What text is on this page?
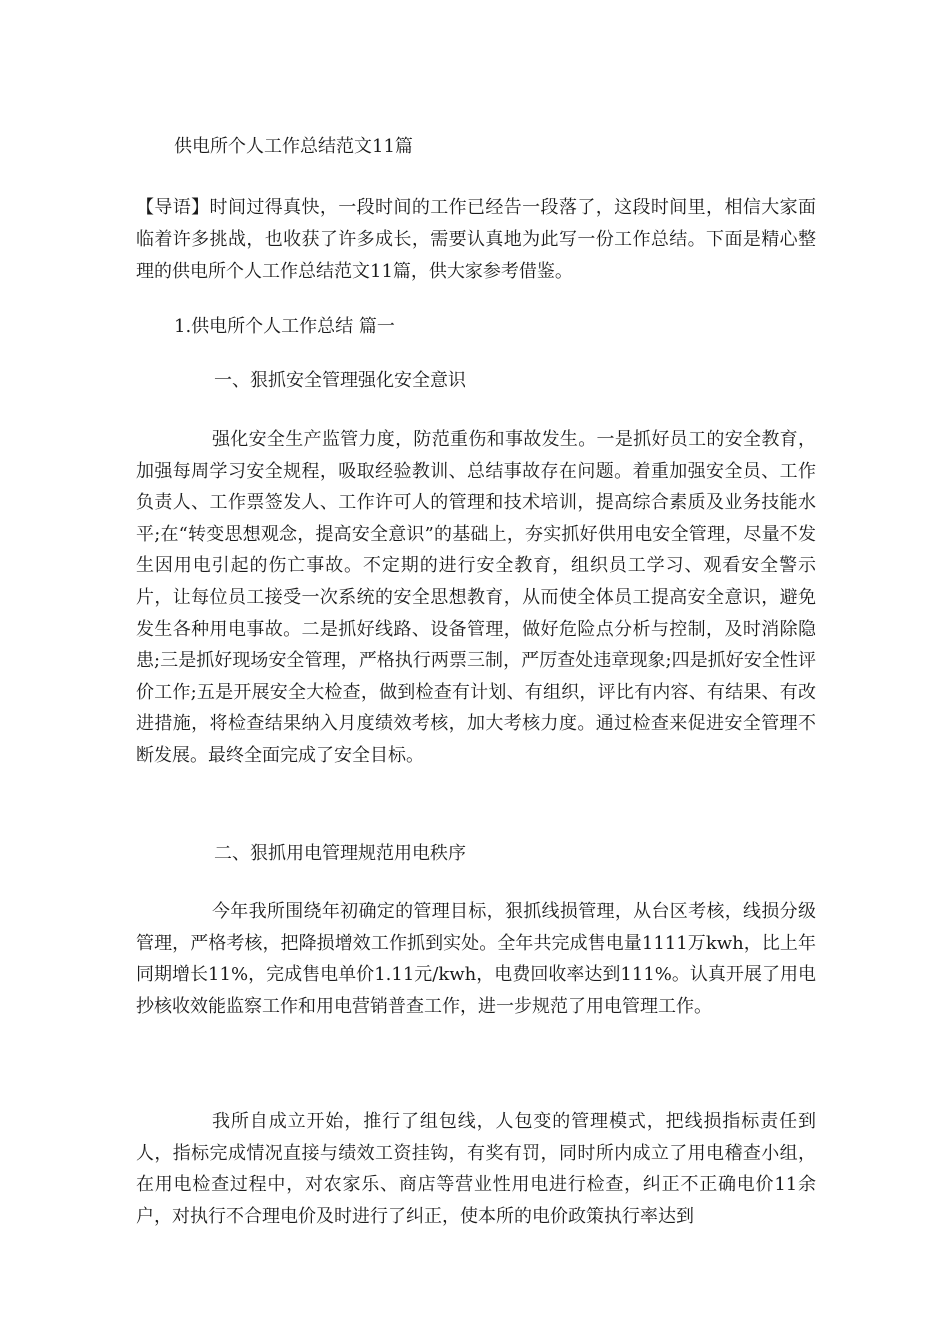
供电所个人工作总结范文11篇
【导语】时间过得真快，一段时间的工作已经告一段落了，这段时间里，相信大家面临着许多挑战，也收获了许多成长，需要认真地为此写一份工作总结。下面是精心整理的供电所个人工作总结范文11篇，供大家参考借鉴。
1.供电所个人工作总结 篇一
一、狠抓安全管理强化安全意识
强化安全生产监管力度，防范重伤和事故发生。一是抓好员工的安全教育，加强每周学习安全规程，吸取经验教训、总结事故存在问题。着重加强安全员、工作负责人、工作票签发人、工作许可人的管理和技术培训，提高综合素质及业务技能水平;在“转变思想观念，提高安全意识”的基础上，夯实抓好供用电安全管理，尽量不发生因用电引起的伤亡事故。不定期的进行安全教育，组织员工学习、观看安全警示片，让每位员工接受一次系统的安全思想教育，从而使全体员工提高安全意识，避免发生各种用电事故。二是抓好线路、设备管理，做好危险点分析与控制，及时消除隐患;三是抓好现场安全管理，严格执行两票三制，严厉查处违章现象;四是抓好安全性评价工作;五是开展安全大检查，做到检查有计划、有组织，评比有内容、有结果、有改进措施，将检查结果纳入月度绩效考核，加大考核力度。通过检查来促进安全管理不断发展。最终全面完成了安全目标。
二、狠抓用电管理规范用电秩序
今年我所围绕年初确定的管理目标，狠抓线损管理，从台区考核，线损分级管理，严格考核，把降损增效工作抓到实处。全年共完成售电量1111万kwh，比上年同期增长11%，完成售电单价1.11元/kwh，电费回收率达到111%。认真开展了用电抄核收效能监察工作和用电营销普查工作，进一步规范了用电管理工作。
我所自成立开始，推行了组包线，人包变的管理模式，把线损指标责任到人，指标完成情况直接与绩效工资挂钩，有奖有罚，同时所内成立了用电稽查小组，在用电检查过程中，对农家乐、商店等营业性用电进行检查，纠正不正确电价11余户，对执行不合理电价及时进行了纠正，使本所的电价政策执行率达到
